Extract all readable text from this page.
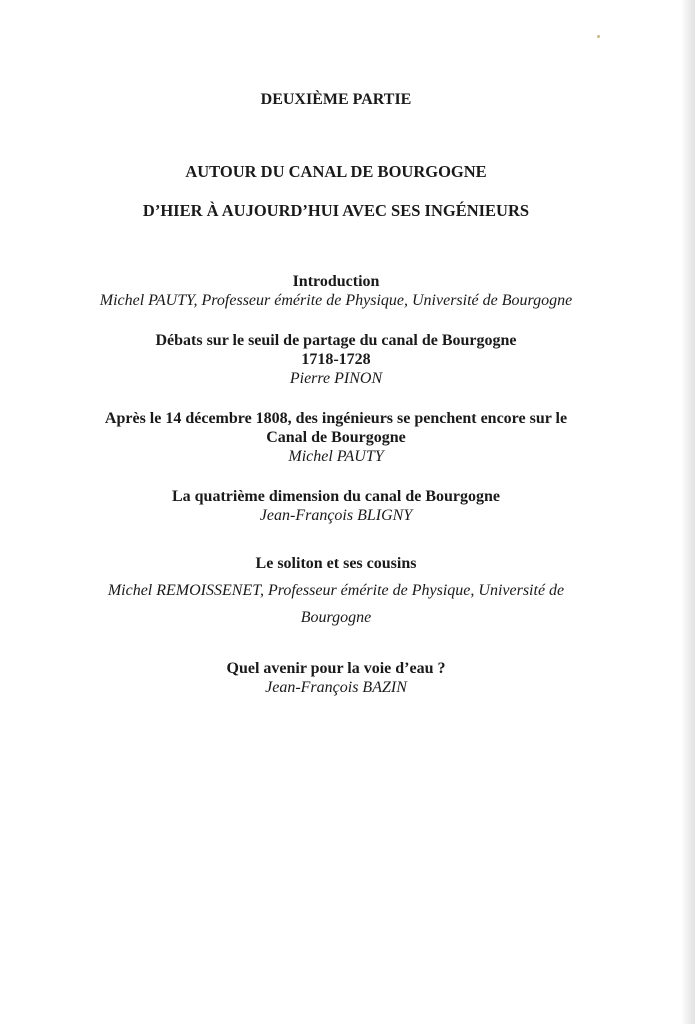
DEUXIÈME PARTIE
AUTOUR DU CANAL DE BOURGOGNE
D’HIER À AUJOURD’HUI AVEC SES INGÉNIEURS
Introduction
Michel PAUTY, Professeur émérite de Physique, Université de Bourgogne
Débats sur le seuil de partage du canal de Bourgogne
1718-1728
Pierre PINON
Après le 14 décembre 1808, des ingénieurs se penchent encore sur le
Canal de Bourgogne
Michel PAUTY
La quatrième dimension du canal de Bourgogne
Jean-François BLIGNY
Le soliton et ses cousins
Michel REMOISSENET, Professeur émérite de Physique, Université de
Bourgogne
Quel avenir pour la voie d’eau ?
Jean-François BAZIN
